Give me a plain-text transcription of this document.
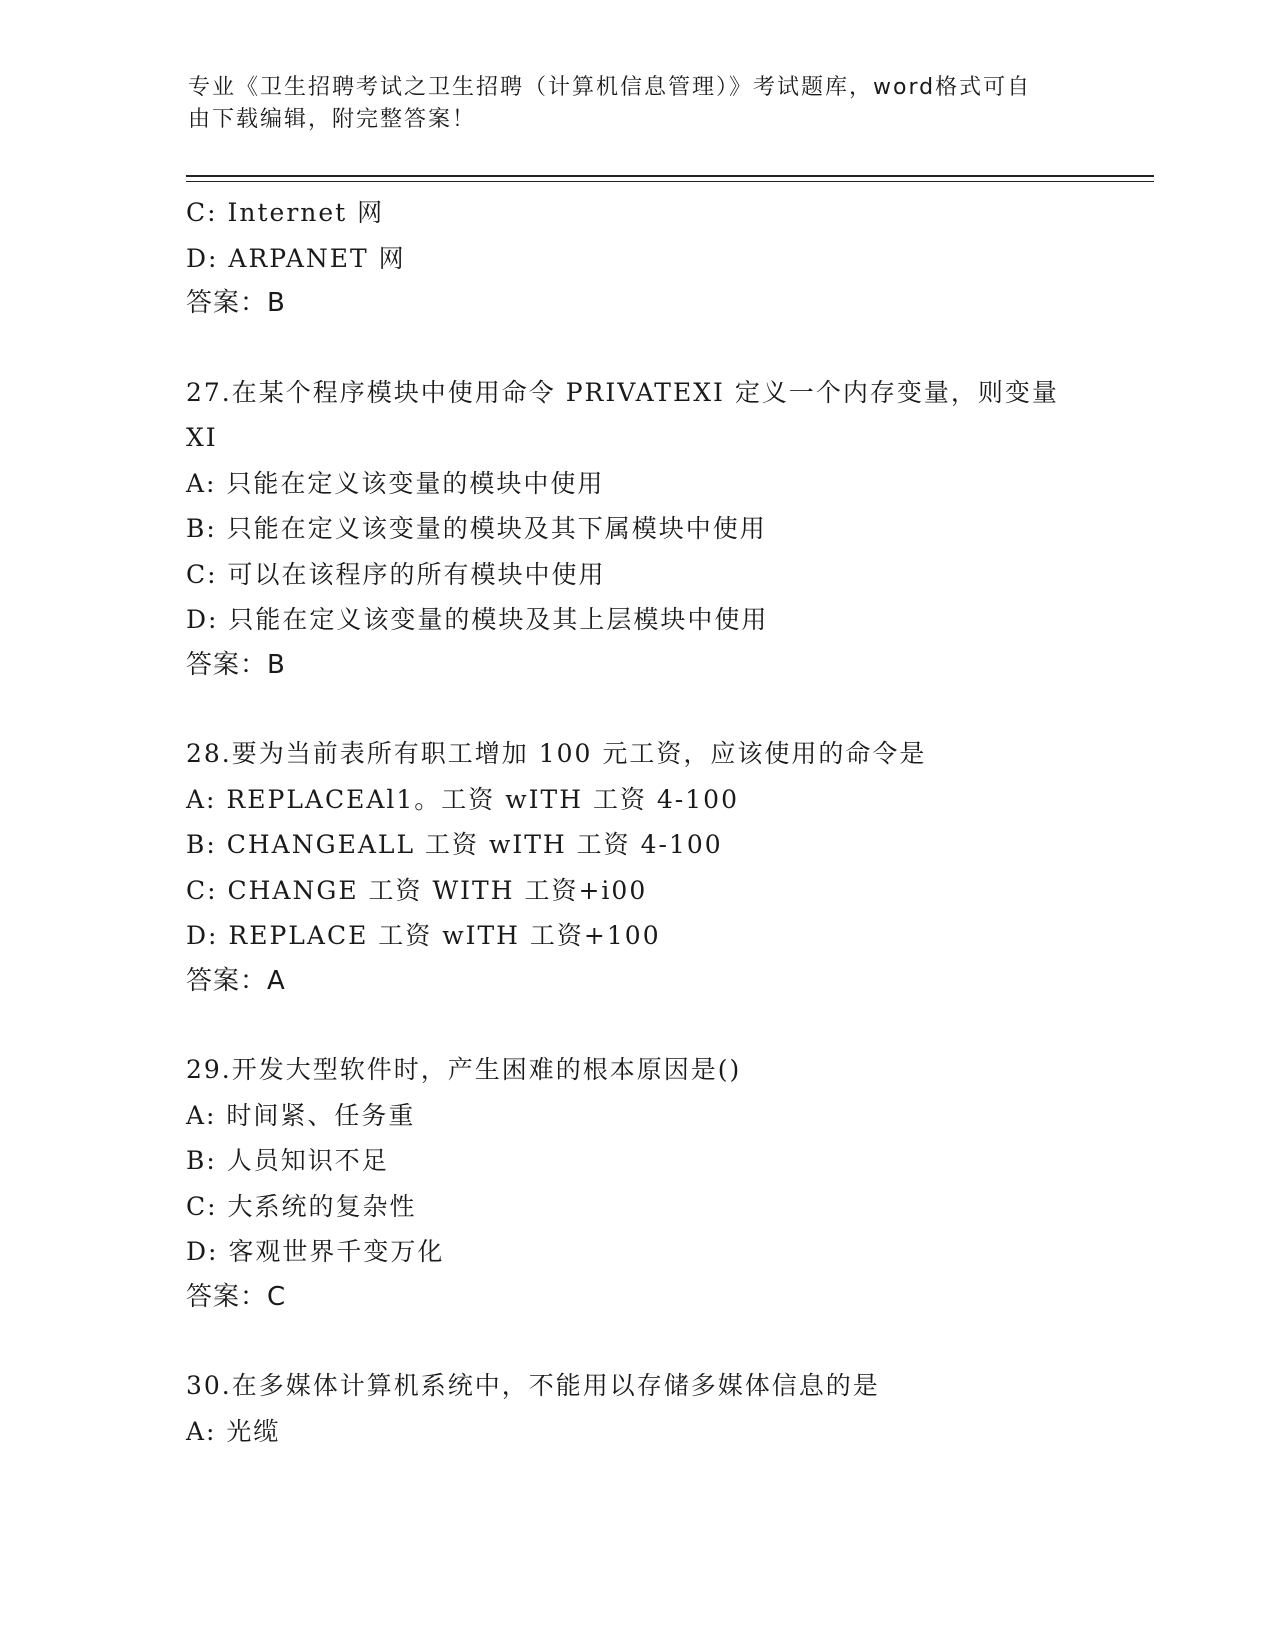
专业《卫生招聘考试之卫生招聘（计算机信息管理）》考试题库，word格式可自
由下载编辑，附完整答案！
C: Internet 网
D: ARPANET 网
答案：B
27.在某个程序模块中使用命令 PRIVATEXI 定义一个内存变量，则变量
XI
A: 只能在定义该变量的模块中使用
B: 只能在定义该变量的模块及其下属模块中使用
C: 可以在该程序的所有模块中使用
D: 只能在定义该变量的模块及其上层模块中使用
答案：B
28.要为当前表所有职工增加 100 元工资，应该使用的命令是
A: REPLACEAl1。工资 wITH 工资 4-100
B: CHANGEALL 工资 wITH 工资 4-100
C: CHANGE 工资 WITH 工资+i00
D: REPLACE 工资 wITH 工资+100
答案：A
29.开发大型软件时，产生困难的根本原因是()
A: 时间紧、任务重
B: 人员知识不足
C: 大系统的复杂性
D: 客观世界千变万化
答案：C
30.在多媒体计算机系统中，不能用以存储多媒体信息的是
A: 光缆
